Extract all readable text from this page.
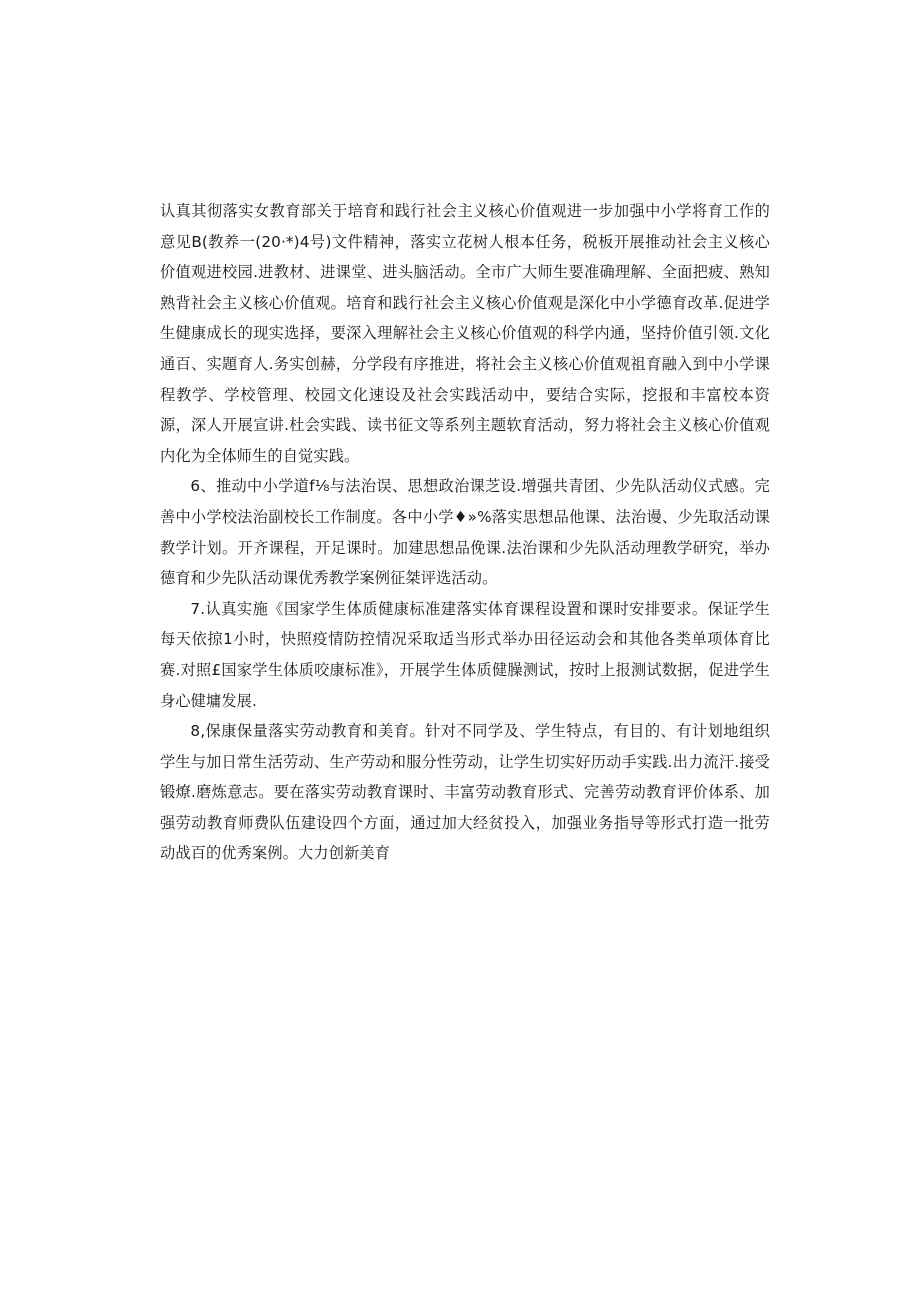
认真其彻落实女教育部关于培育和践行社会主义核心价值观进一步加强中小学将育工作的意见B(教养一(20·*)4号)文件精神，落实立花树人根本任务，税板开展推动社会主义核心价值观进校园.进教材、进课堂、进头脑活动。全市广大师生要准确理解、全面把疲、熟知熟背社会主义核心价值观。培育和践行社会主义核心价值观是深化中小学德育改革.促进学生健康成长的现实选择，要深入理解社会主义核心价值观的科学内通，坚持价值引领.文化通百、实題育人.务实创赫，分学段有序推进，将社会主义核心价值观祖育融入到中小学课程教学、学校管理、校园文化速设及社会实践活动中，要结合实际，挖报和丰富校本资源，深人开展宣讲.杜会实践、读书征文等系列主题软育活动，努力将社会主义核心价值观内化为全体师生的自觉实践。

6、推动中小学道f⅛与法治误、思想政治课芝设.增强共青团、少先队活动仪式感。完善中小学校法治副校长工作制度。各中小学♦»%落实思想品他课、法治谩、少先取活动课教学计划。开齐课程，开足课时。加建思想品俛课.法治课和少先队活动理教学研究，举办德育和少先队活动课优秀教学案例征桀评选活动。

7.认真实施《国家学生体质健康标准建落实体育课程设置和课时安排要求。保证学生每天依掠1小时，快照疫情防控情况采取适当形式举办田径运动会和其他各类单项体育比赛.对照£国家学生体质咬康标准》，开展学生体质健臊测试，按时上报测试数据，促进学生身心健墉发展.

8,保康保量落实劳动教育和美育。针对不同学及、学生特点，有目的、有计划地组织学生与加日常生活劳动、生产劳动和服分性劳动，让学生切实好历动手实践.出力流汗.接受锻燎.磨炼意志。要在落实劳动教育课时、丰富劳动教育形式、完善劳动教育评价体系、加强劳动教育师费队伍建设四个方面，通过加大经贫投入，加强业务指导等形式打造一批劳动战百的优秀案例。大力创新美育
